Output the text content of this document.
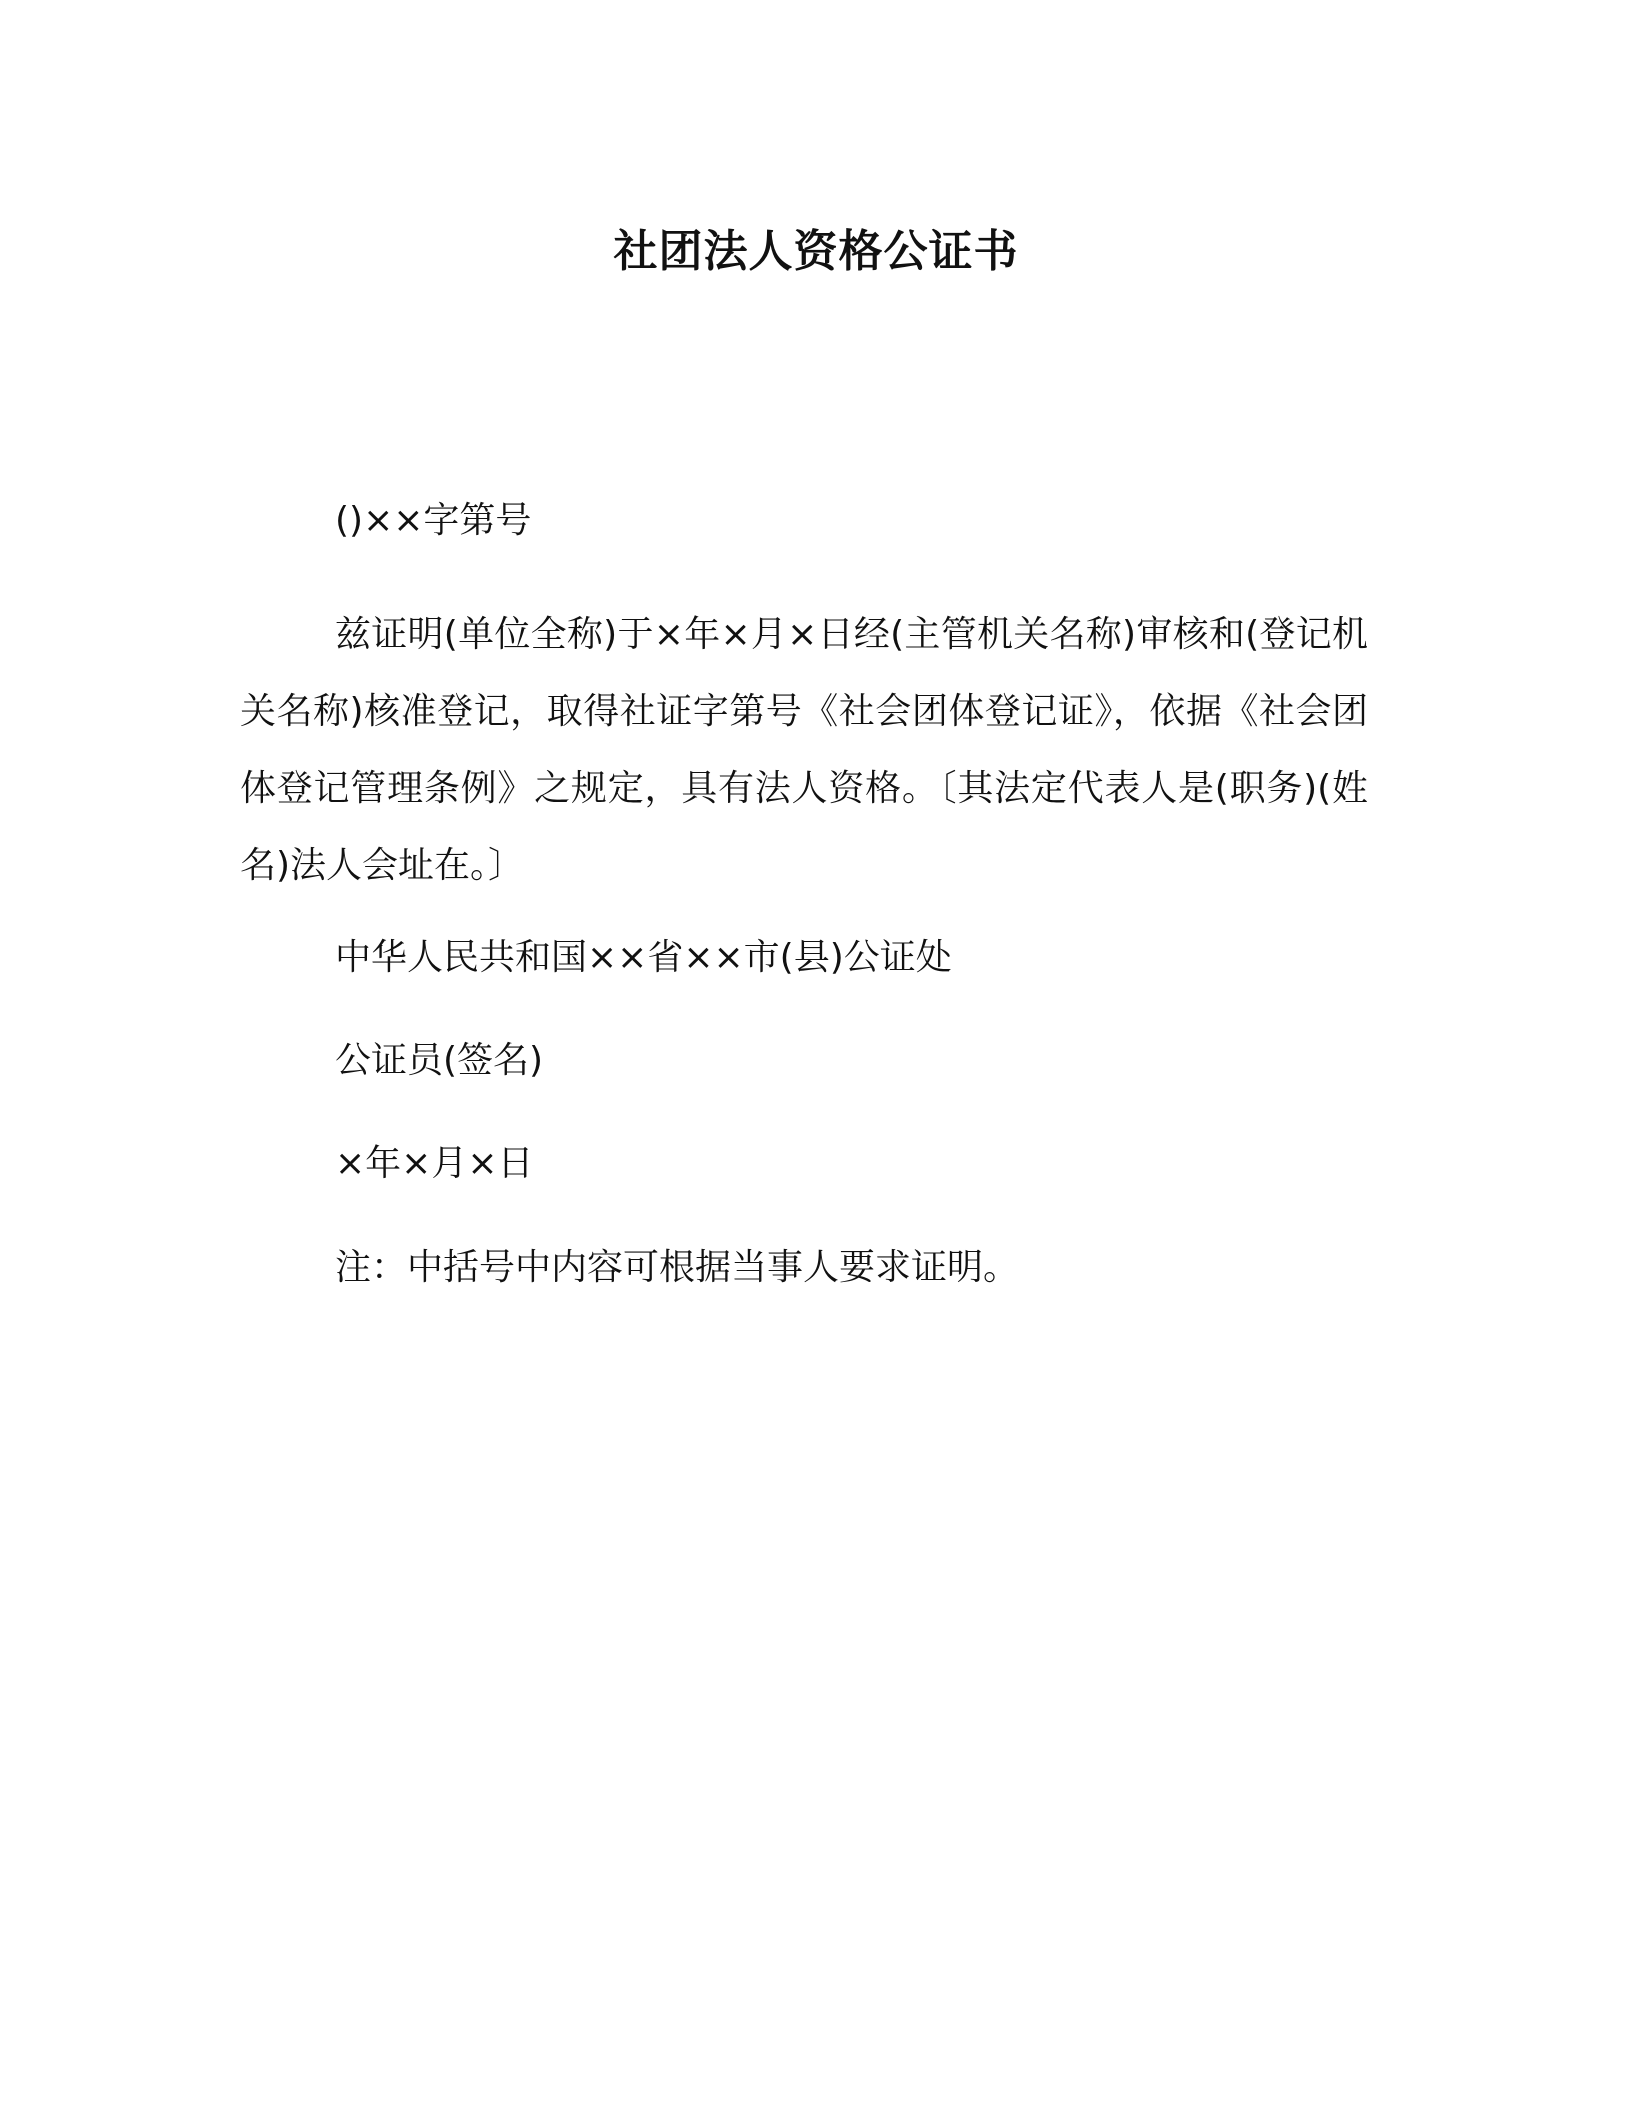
社团法人资格公证书
()××字第号
兹证明(单位全称)于×年×月×日经(主管机关名称)审核和(登记机关名称)核准登记，取得社证字第号《社会团体登记证》，依据《社会团体登记管理条例》之规定，具有法人资格。〔其法定代表人是(职务)(姓名)法人会址在。〕
中华人民共和国××省××市(县)公证处
公证员(签名)
×年×月×日
注：中括号中内容可根据当事人要求证明。
